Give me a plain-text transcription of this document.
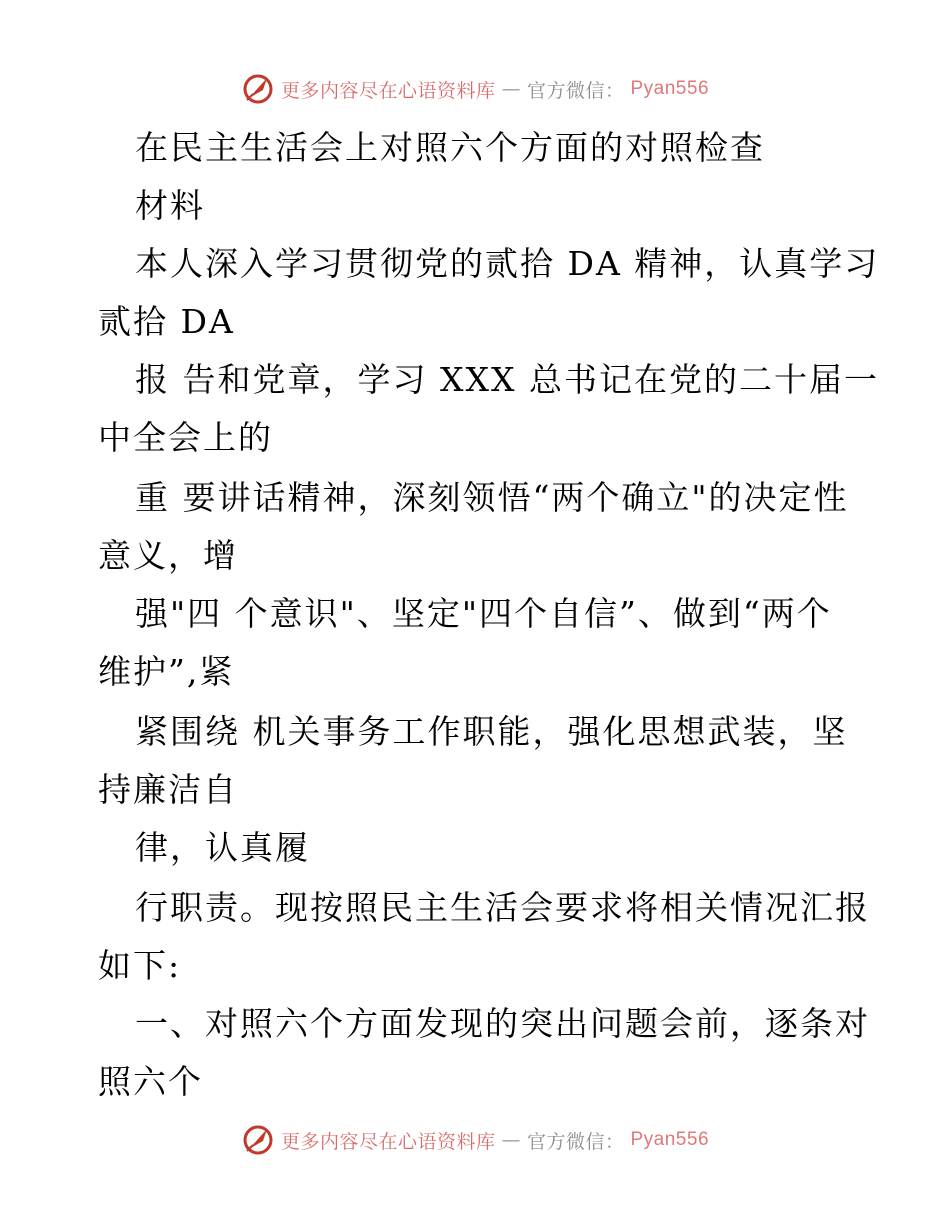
更多内容尽在心语资料库 — 官方微信： Pyan556
在民主生活会上对照六个方面的对照检查
材料
本人深入学习贯彻党的贰拾 DA 精神，认真学习
贰拾 DA
报 告和党章，学习 XXX 总书记在党的二十届一
中全会上的
重 要讲话精神，深刻领悟“两个确立"的决定性
意义，增
强"四 个意识"、坚定"四个自信”、做到“两个
维护”,紧
紧围绕 机关事务工作职能，强化思想武装，坚
持廉洁自
律，认真履
行职责。现按照民主生活会要求将相关情况汇报
如下:
一、对照六个方面发现的突出问题会前，逐条对
照六个
更多内容尽在心语资料库 — 官方微信： Pyan556
